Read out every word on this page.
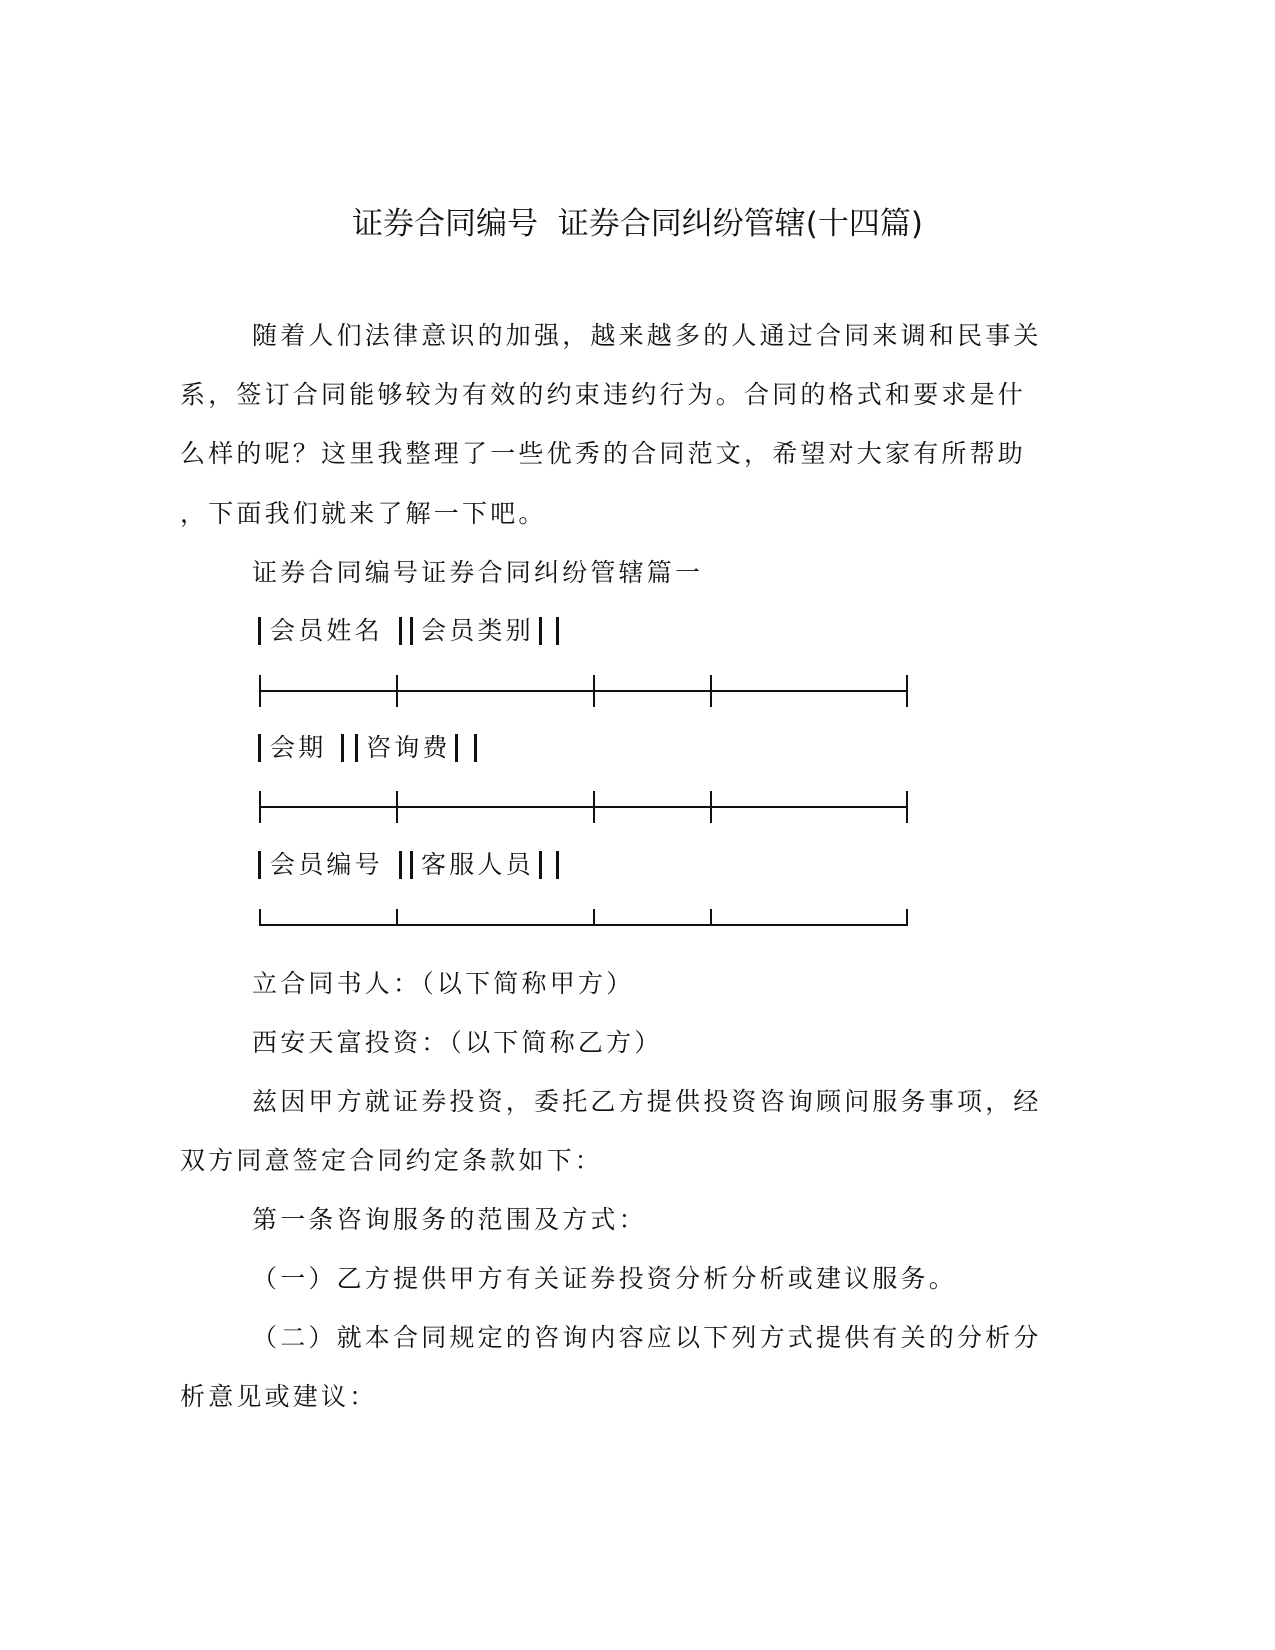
证券合同编号  证券合同纠纷管辖(十四篇)
随着人们法律意识的加强，越来越多的人通过合同来调和民事关
系，签订合同能够较为有效的约束违约行为。合同的格式和要求是什
么样的呢？这里我整理了一些优秀的合同范文，希望对大家有所帮助
，下面我们就来了解一下吧。
证券合同编号证券合同纠纷管辖篇一
会员姓名 会员类别
会期 咨询费
会员编号 客服人员
立合同书人：（以下简称甲方）
西安天富投资：（以下简称乙方）
兹因甲方就证券投资，委托乙方提供投资咨询顾问服务事项，经
双方同意签定合同约定条款如下：
第一条咨询服务的范围及方式：
（一）乙方提供甲方有关证券投资分析分析或建议服务。
（二）就本合同规定的咨询内容应以下列方式提供有关的分析分
析意见或建议：
